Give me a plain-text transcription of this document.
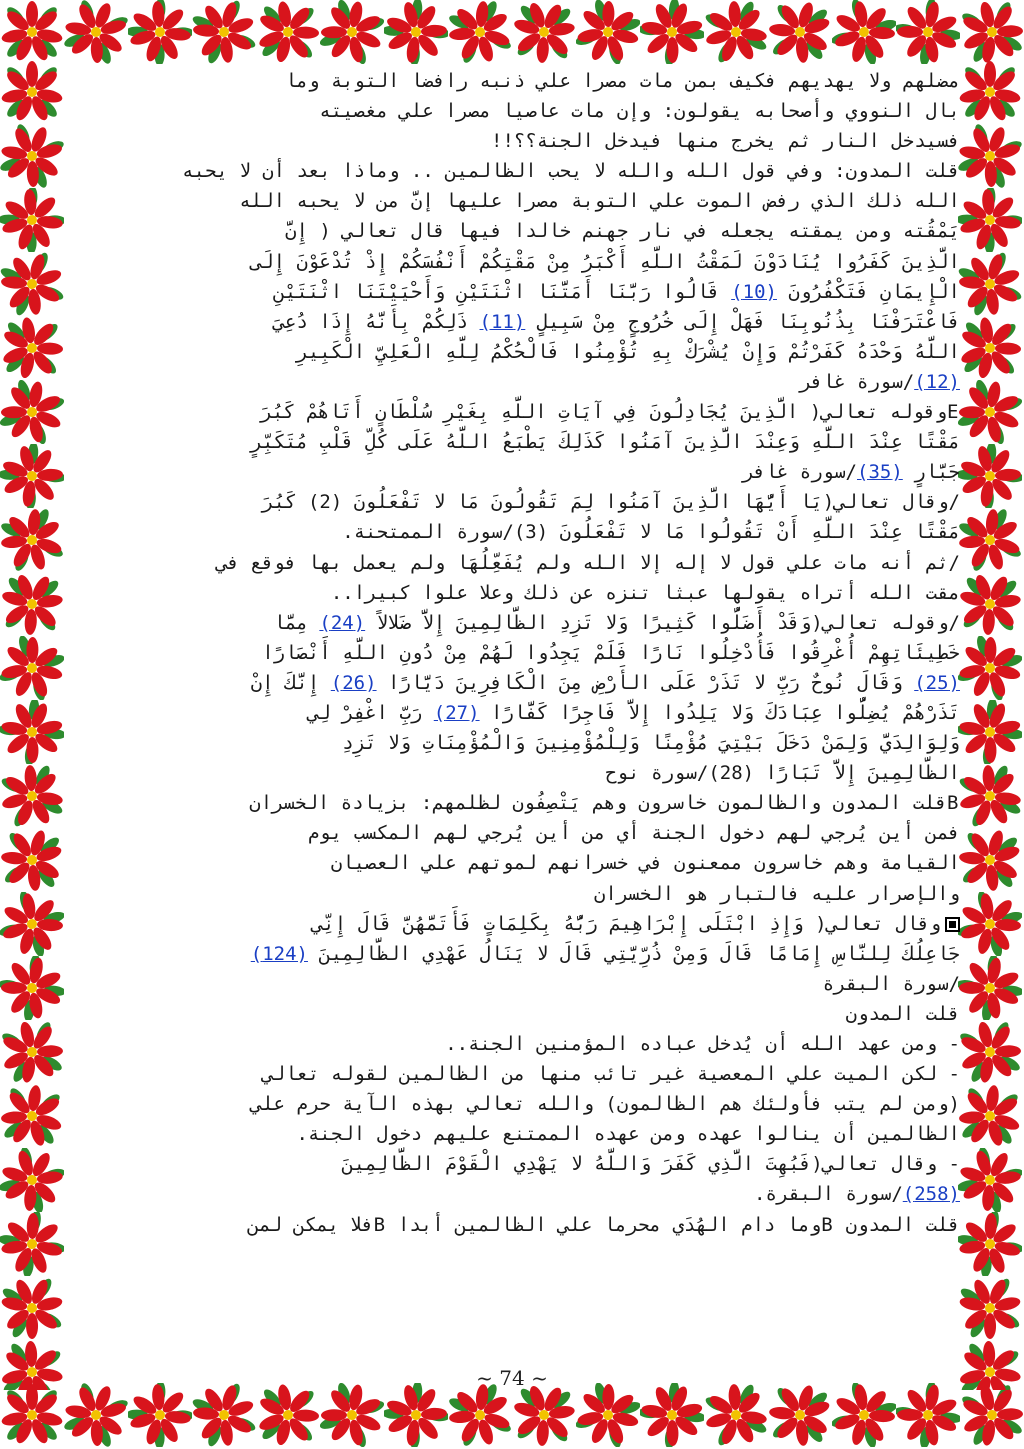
مضلهم ولا يهديهم فكيف بمن مات مصرا علي ذنبه رافضا التوبة وما

بال النووي وأصحابه يقولون: وإن مات عاصيا مصرا علي مغصيته

فسيدخل النار ثم يخرج منها فيدخل الجنة؟؟!!

قلت المدون: وفي قول الله والله لا يحب الظالمين .. وماذا بعد أن لا يحبه

الله ذلك الذي رفض الموت علي التوبة مصرا عليها إنَّ من لا يحبه الله

يَمْقُته ومن يمقته يجعله في نار جهنم خالدا فيها قال تعالي ( إِنَّ

الَّذِينَ كَفَرُوا يُنَادَوْنَ لَمَقْتُ اللَّهِ أَكْبَرُ مِنْ مَقْتِكُمْ أَنْفُسَكُمْ إِذْ تُدْعَوْنَ إِلَى

الْإِيمَانِ فَتَكْفُرُونَ (10) قَالُوا رَبَّنَا أَمَتَّنَا اثْنَتَيْنِ وَأَحْيَيْتَنَا اثْنَتَيْنِ

فَاعْتَرَفْنَا بِذُنُوبِنَا فَهَلْ إِلَى خُرُوجٍ مِنْ سَبِيلٍ (11) ذَلِكُمْ بِأَنَّهُ إِذَا دُعِيَ

اللَّهُ وَحْدَهُ كَفَرْتُمْ وَإِنْ يُشْرَكْ بِهِ تُؤْمِنُوا فَالْحُكْمُ لِلَّهِ الْعَلِيِّ الْكَبِيرِ

(12)/سورة غافر

Eوقوله تعالي( الَّذِينَ يُجَادِلُونَ فِي آيَاتِ اللَّهِ بِغَيْرِ سُلْطَانٍ أَتَاهُمْ كَبُرَ

مَقْتًا عِنْدَ اللَّهِ وَعِنْدَ الَّذِينَ آمَنُوا كَذَلِكَ يَطْبَعُ اللَّهُ عَلَى كُلِّ قَلْبِ مُتَكَبِّرٍ

جَبَّارٍ (35)/سورة غافر

/وقال تعالي(يَا أَيُّهَا الَّذِينَ آمَنُوا لِمَ تَقُولُونَ مَا لا تَفْعَلُونَ (2) كَبُرَ

مَقْتًا عِنْدَ اللَّهِ أَنْ تَقُولُوا مَا لا تَفْعَلُونَ (3)/سورة الممتحنة.

/ثم أنه مات علي قول لا إله إلا الله ولم يُفَعِّلُهَا ولم يعمل بها فوقع في

مقت الله أتراه يقولها عبثا تنزه عن ذلك وعلا علوا كبيرا..

/وقوله تعالي(وَقَدْ أَضَلُّوا كَثِيرًا وَلا تَزِدِ الظَّالِمِينَ إِلاَّ ضَلالاً (24) مِمَّا

خَطِيئَاتِهِمْ أُغْرِقُوا فَأُدْخِلُوا نَارًا فَلَمْ يَجِدُوا لَهُمْ مِنْ دُونِ اللَّهِ أَنْصَارًا

(25) وَقَالَ نُوحٌ رَبِّ لا تَذَرْ عَلَى الأَرْضِ مِنَ الْكَافِرِينَ دَيَّارًا (26) إِنَّكَ إِنْ

تَذَرْهُمْ يُضِلُّوا عِبَادَكَ وَلا يَلِدُوا إِلاَّ فَاجِرًا كَفَّارًا (27) رَبِّ اغْفِرْ لِي

وَلِوَالِدَيَّ وَلِمَنْ دَخَلَ بَيْتِيَ مُؤْمِنًا وَلِلْمُؤْمِنِينَ وَالْمُؤْمِنَاتِ وَلا تَزِدِ

الظَّالِمِينَ إِلاَّ تَبَارًا (28)/سورة نوح

Bقلت المدون والظالمون خاسرون وهم يَتْصِفُون لظلمهم: بزيادة الخسران

فمن أين يُرجي لهم دخول الجنة أي من أين يُرجي لهم المكسب يوم

القيامة وهم خاسرون ممعنون في خسرانهم لموتهم علي العصيان

والإصرار عليه فالتبار هو الخسران

وقال تعالي( وَإِذِ ابْتَلَى إِبْرَاهِيمَ رَبُّهُ بِكَلِمَاتٍ فَأَتَمَّهُنَّ قَالَ إِنِّي

جَاعِلُكَ لِلنَّاسِ إِمَامًا قَالَ وَمِنْ ذُرِّيَّتِي قَالَ لا يَنَالُ عَهْدِي الظَّالِمِينَ (124)

/سورة البقرة

قلت المدون

- ومن عهد الله أن يُدخل عباده المؤمنين الجنة..

- لكن الميت علي المعصية غير تائب منها من الظالمين لقوله تعالي

(ومن لم يتب فأولئك هم الظالمون) والله تعالي بهذه الآية حرم علي

الظالمين أن ينالوا عهده ومن عهده الممتنع عليهم دخول الجنة.

- وقال تعالي(فَبُهِتَ الَّذِي كَفَرَ وَاللَّهُ لا يَهْدِي الْقَوْمَ الظَّالِمِينَ

(258)/سورة البقرة.

قلت المدون Bوما دام الهُدَي محرما علي الظالمين أبدا Bفلا يمكن لمن

~ 74 ~
